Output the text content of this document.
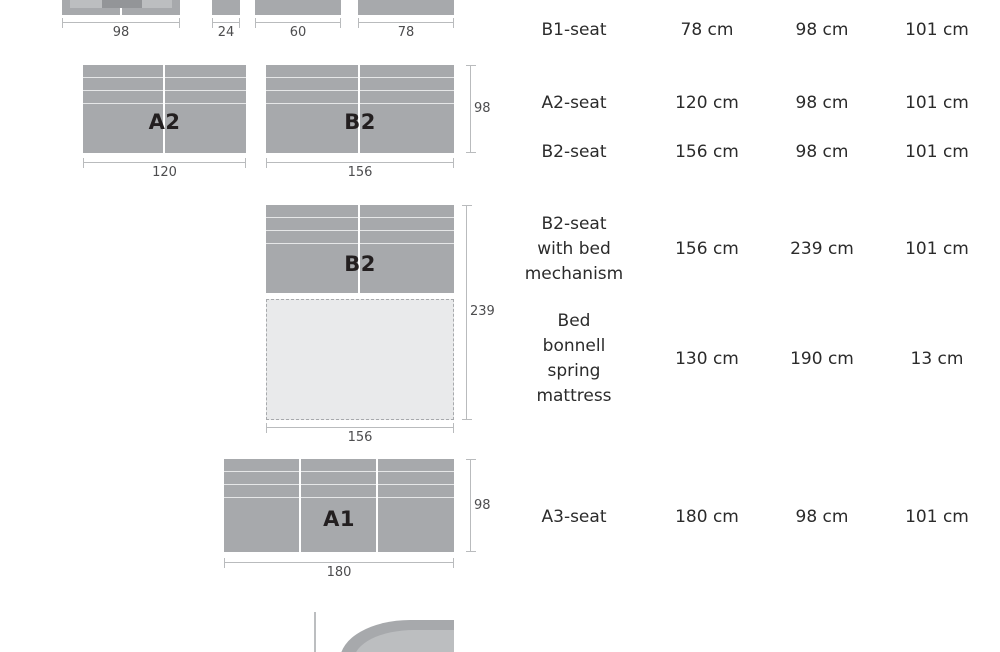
98	24	60	78
A2
120
B2
156
98
B2
156
239
A1
180
98
B1-seat	78 cm	98 cm	101 cm
A2-seat	120 cm	98 cm	101 cm
B2-seat	156 cm	98 cm	101 cm
B2-seat
with bed
mechanism
156 cm	239 cm	101 cm
Bed
bonnell
spring
mattress
130 cm	190 cm	13 cm
A3-seat	180 cm	98 cm	101 cm
